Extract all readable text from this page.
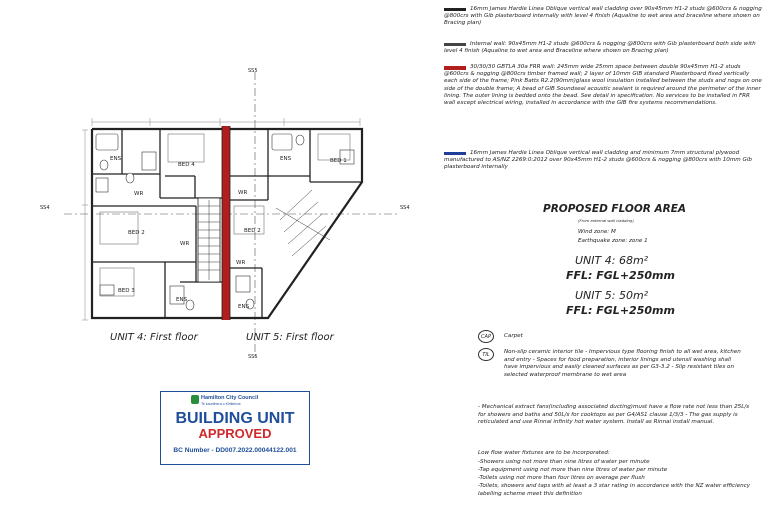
SS5
SS5
SS4	SS4
ENS
BED 4
WR
BED 2
WR
BED 3
ENS
ENS	BED 1
WR
BED 2
WR
ENS
UNIT 4: First floor	UNIT 5: First floor
16mm James Hardie Linea Oblique vertical wall cladding over 90x45mm H1-2 studs @600crs & nogging @800crs with Gib plasterboard internally with level 4 finish (Aqualine to wet area and braceline where shown on Bracing plan)
Internal wall: 90x45mm H1-2 studs @600crs & nogging @800crs with Gib plasterboard both side with level 4 finish (Aqualine to wet area and Braceline where shown on Bracing plan)
30/30/30 GBTLA 30a FRR wall: 245mm wide 25mm space between double 90x45mm H1-2 studs @600crs & nogging @800crs timber framed wall; 2 layer of 10mm GIB standard Plasterboard fixed vertically each side of the frame; Pink Batts R2.2(90mm)glass wool insulation installed between the studs and nogs on one side of the double frame; A bead of GIB Soundseal acoustic sealant is required around the perimeter of the inner lining. The outer lining is bedded onto the bead. See detail in specification. No services to be installed in FRR wall except electrical wiring, installed in accordance with the GIB fire systems recommendations.
16mm James Hardie Linea Oblique vertical wall cladding and minimum 7mm structural plywood manufactured to AS/NZ 2269:0:2012 over 90x45mm H1-2 studs @600crs & nogging @800crs with 10mm Gib plasterboard internally
PROPOSED FLOOR AREA
(From external wall cladding)
Wind zone: M
Earthquake zone: zone 1
UNIT 4: 68m²
FFL: FGL+250mm
UNIT 5: 50m²
FFL: FGL+250mm
CAP	Carpet
TIL	Non-slip ceramic interior tile - Impervious type flooring finish to all wet area, kitchen and entry - Spaces for food preparation, interior linings and utensil washing shall have impervious and easily cleaned surfaces as per G3-3.2 - Slip resistant tiles on selected waterproof membrane to wet area
- Mechanical extract fans(including associated ducting)must have a flow rate not less than 25L/s for showers and baths and 50L/s for cooktops as per G4/AS1 clause 1/3/3 - The gas supply is reticulated and use Rinnai infinity hot water system. Install as Rinnai install manual.
Low flow water fixtures are to be incorporated:
-Showers using not more than nine litres of water per minute
-Tap equipment using not more than nine litres of water per minute
-Toilets using not more than four litres on average per flush
-Toilets, showers and taps with at least a 3 star rating in accordance with the NZ water efficiency labelling scheme meet this definition
Hamilton City Council
Te kaunihera o Kirikiriroa
BUILDING UNIT
APPROVED
BC Number - DD007.2022.00044122.001
